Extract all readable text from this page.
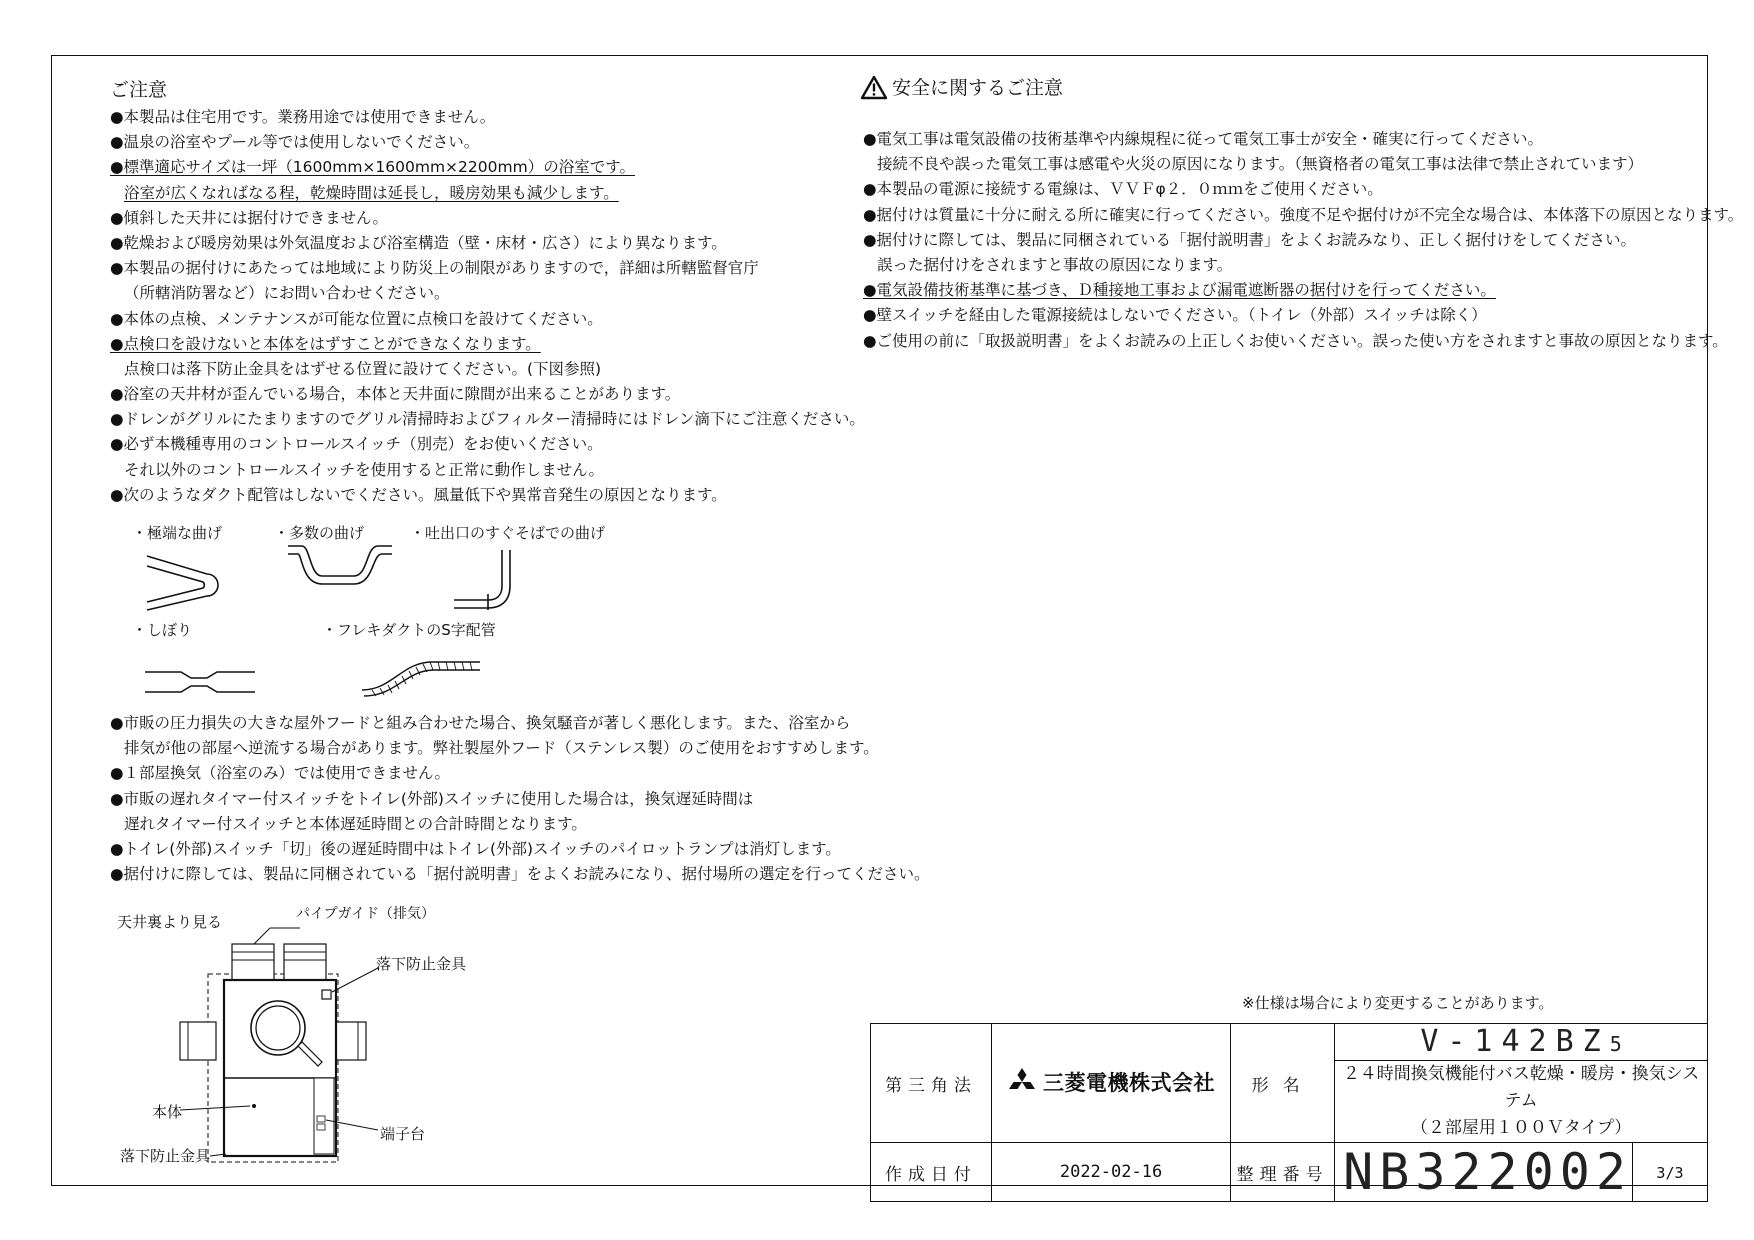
ご注意
●本製品は住宅用です。業務用途では使用できません。
●温泉の浴室やプール等では使用しないでください。
●標準適応サイズは一坪（1600mm×1600mm×2200mm）の浴室です。
浴室が広くなればなる程，乾燥時間は延長し，暖房効果も減少します。
●傾斜した天井には据付けできません。
●乾燥および暖房効果は外気温度および浴室構造（壁・床材・広さ）により異なります。
●本製品の据付けにあたっては地域により防災上の制限がありますので，詳細は所轄監督官庁
（所轄消防署など）にお問い合わせください。
●本体の点検、メンテナンスが可能な位置に点検口を設けてください。
●点検口を設けないと本体をはずすことができなくなります。
点検口は落下防止金具をはずせる位置に設けてください。(下図参照)
●浴室の天井材が歪んでいる場合，本体と天井面に隙間が出来ることがあります。
●ドレンがグリルにたまりますのでグリル清掃時およびフィルター清掃時にはドレン滴下にご注意ください。
●必ず本機種専用のコントロールスイッチ（別売）をお使いください。
それ以外のコントロールスイッチを使用すると正常に動作しません。
●次のようなダクト配管はしないでください。風量低下や異常音発生の原因となります。
・極端な曲げ	・多数の曲げ	・吐出口のすぐそばでの曲げ
・しぼり	・フレキダクトのS字配管
●市販の圧力損失の大きな屋外フードと組み合わせた場合、換気騒音が著しく悪化します。また、浴室から
排気が他の部屋へ逆流する場合があります。弊社製屋外フード（ステンレス製）のご使用をおすすめします。
●１部屋換気（浴室のみ）では使用できません。
●市販の遅れタイマー付スイッチをトイレ(外部)スイッチに使用した場合は，換気遅延時間は
遅れタイマー付スイッチと本体遅延時間との合計時間となります。
●トイレ(外部)スイッチ「切」後の遅延時間中はトイレ(外部)スイッチのパイロットランプは消灯します。
●据付けに際しては、製品に同梱されている「据付説明書」をよくお読みになり、据付場所の選定を行ってください。
天井裏より見る	パイプガイド（排気）
落下防止金具
本体
端子台
落下防止金具
安全に関するご注意
●電気工事は電気設備の技術基準や内線規程に従って電気工事士が安全・確実に行ってください。
接続不良や誤った電気工事は感電や火災の原因になります。（無資格者の電気工事は法律で禁止されています）
●本製品の電源に接続する電線は、ＶＶＦφ２．０ｍｍをご使用ください。
●据付けは質量に十分に耐える所に確実に行ってください。強度不足や据付けが不完全な場合は、本体落下の原因となります。
●据付けに際しては、製品に同梱されている「据付説明書」をよくお読みなり、正しく据付けをしてください。
誤った据付けをされますと事故の原因になります。
●電気設備技術基準に基づき、Ｄ種接地工事および漏電遮断器の据付けを行ってください。
●壁スイッチを経由した電源接続はしないでください。（トイレ（外部）スイッチは除く）
●ご使用の前に「取扱説明書」をよくお読みの上正しくお使いください。誤った使い方をされますと事故の原因となります。
※仕様は場合により変更することがあります。
第三角法	三菱電機株式会社	形名	V-142BZ5
２４時間換気機能付バス乾燥・暖房・換気システム
（２部屋用１００Ｖタイプ）	

作成日付	2022-02-16	整理番号	NB322002	3/3
